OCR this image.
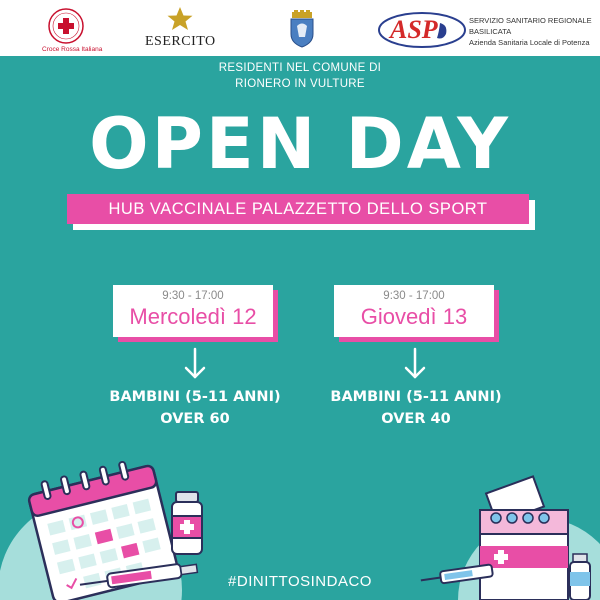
Croce Rossa Italiana
ESERCITO	ASP	SERVIZIO SANITARIO REGIONALE
BASILICATA
Azienda Sanitaria Locale di Potenza
RESIDENTI NEL COMUNE DI
RIONERO IN VULTURE
OPEN DAY
HUB VACCINALE PALAZZETTO DELLO SPORT
9:30 - 17:00
Mercoledì 12
BAMBINI (5-11 ANNI)
OVER 60
9:30 - 17:00
Giovedì 13
BAMBINI (5-11 ANNI)
OVER 40
#DINITTOSINDACO
